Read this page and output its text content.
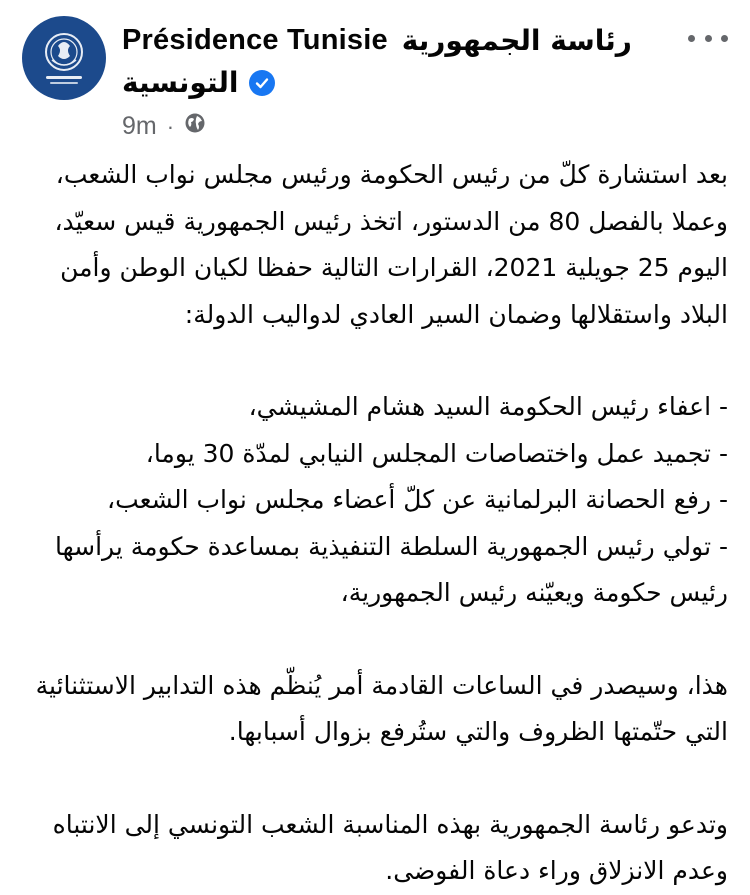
Présidence Tunisie رئاسة الجمهورية
التونسية
9m ·

بعد استشارة كلّ من رئيس الحكومة ورئيس مجلس نواب الشعب، وعملا بالفصل 80 من الدستور، اتخذ رئيس الجمهورية قيس سعيّد، اليوم 25 جويلية 2021، القرارات التالية حفظا لكيان الوطن وأمن البلاد واستقلالها وضمان السير العادي لدواليب الدولة:

- اعفاء رئيس الحكومة السيد هشام المشيشي،
- تجميد عمل واختصاصات المجلس النيابي لمدّة 30 يوما،
- رفع الحصانة البرلمانية عن كلّ أعضاء مجلس نواب الشعب،
- تولي رئيس الجمهورية السلطة التنفيذية بمساعدة حكومة يرأسها رئيس حكومة ويعيّنه رئيس الجمهورية،

هذا، وسيصدر في الساعات القادمة أمر يُنظّم هذه التدابير الاستثنائية التي حتّمتها الظروف والتي ستُرفع بزوال أسبابها.

وتدعو رئاسة الجمهورية بهذه المناسبة الشعب التونسي إلى الانتباه وعدم الانزلاق وراء دعاة الفوضى.
